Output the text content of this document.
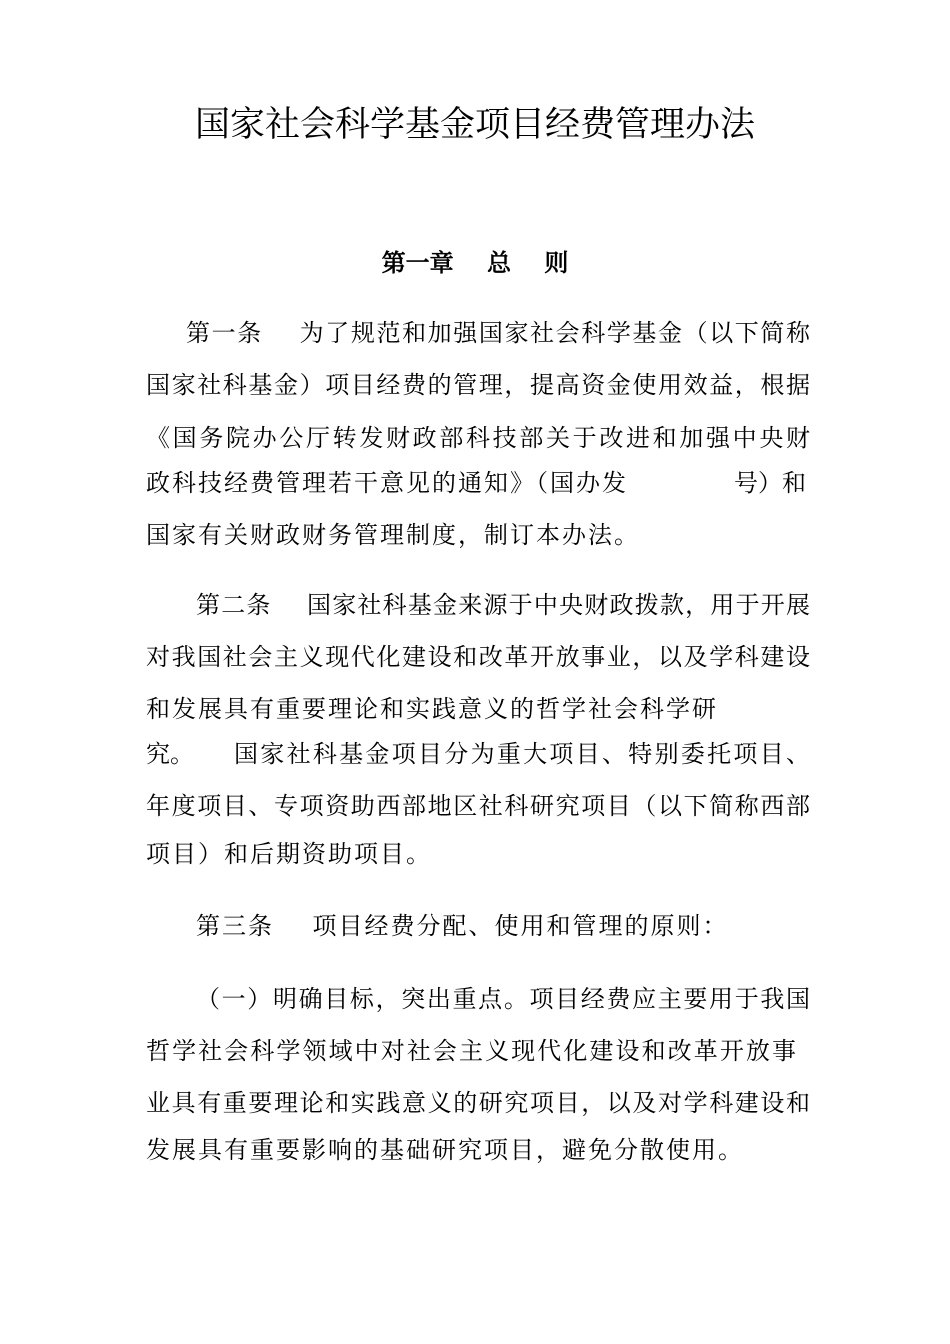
国家社会科学基金项目经费管理办法
第一章    总    则
第一条    为了规范和加强国家社会科学基金（以下简称
国家社科基金）项目经费的管理，提高资金使用效益，根据
《国务院办公厅转发财政部科技部关于改进和加强中央财
政科技经费管理若干意见的通知》（国办发	号）和
国家有关财政财务管理制度，制订本办法。
第二条    国家社科基金来源于中央财政拨款，用于开展
对我国社会主义现代化建设和改革开放事业，以及学科建设
和发展具有重要理论和实践意义的哲学社会科学研
究。	国家社科基金项目分为重大项目、特别委托项目、
年度项目、专项资助西部地区社科研究项目（以下简称西部
项目）和后期资助项目。
第三条    项目经费分配、使用和管理的原则：
（一）明确目标，突出重点。项目经费应主要用于我国
哲学社会科学领域中对社会主义现代化建设和改革开放事
业具有重要理论和实践意义的研究项目，以及对学科建设和
发展具有重要影响的基础研究项目，避免分散使用。
